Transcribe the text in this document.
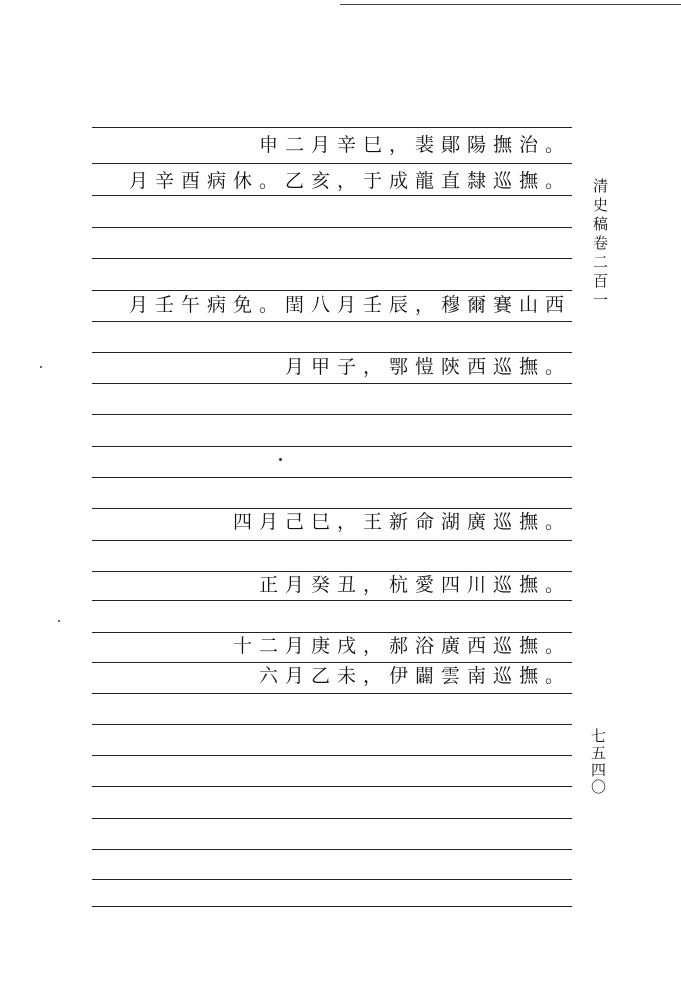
申二月辛巳，裴鄖陽撫治。
月辛酉病休。乙亥，于成龍直隸巡撫。
月壬午病免。閏八月壬辰，穆爾賽山西
月甲子，鄂愷陝西巡撫。
四月己巳，王新命湖廣巡撫。
正月癸丑，杭愛四川巡撫。
十二月庚戌，郝浴廣西巡撫。
六月乙未，伊闢雲南巡撫。
清史稿卷二百一
七五四〇
